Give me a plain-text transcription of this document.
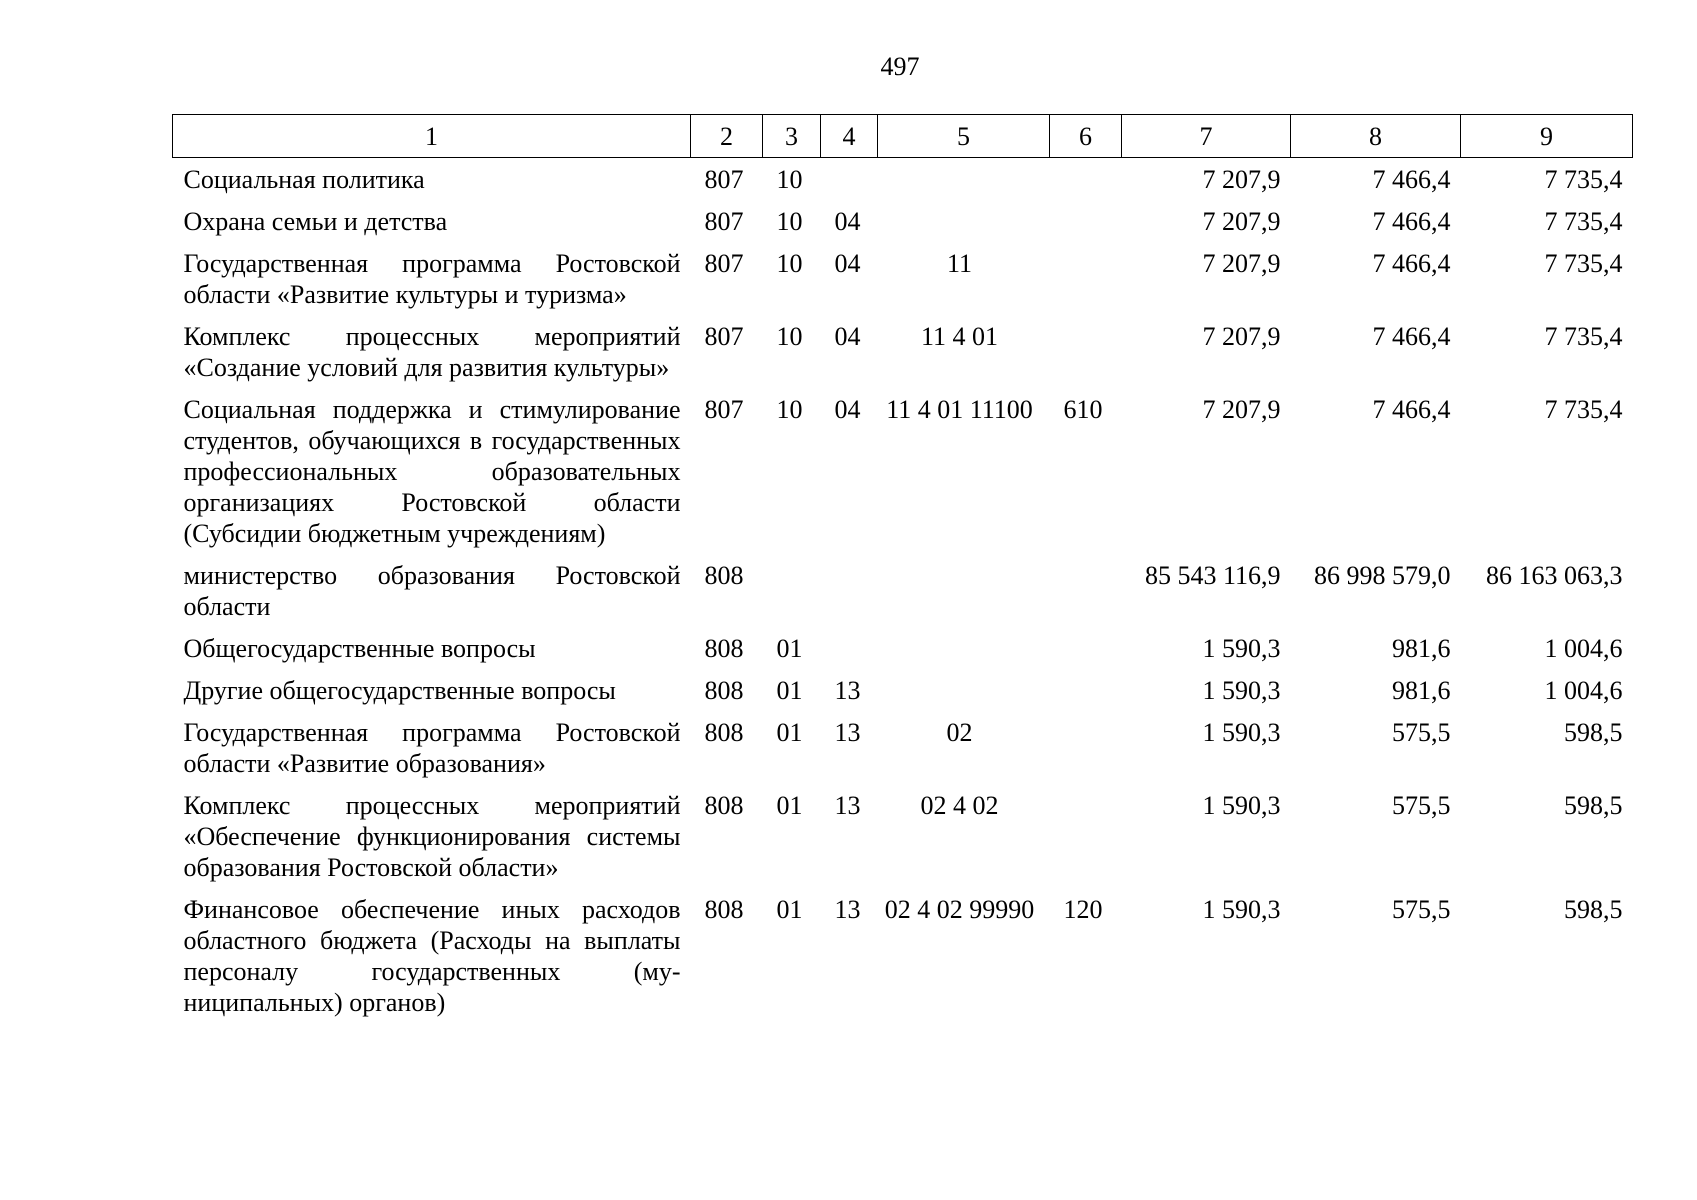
497
1	2	3	4	5	6	7	8	9
Социальная политика	807	10				7 207,9	7 466,4	7 735,4
Охрана семьи и детства	807	10	04			7 207,9	7 466,4	7 735,4
Государственная программа Ростовской области «Развитие культуры и туризма»	807	10	04	11		7 207,9	7 466,4	7 735,4
Комплекс процессных мероприятий «Создание условий для развития культуры»	807	10	04	11 4 01		7 207,9	7 466,4	7 735,4
Социальная поддержка и стимулирование студентов, обучающихся в государственных профессиональных образовательных организациях Ростовской области (Субсидии бюджетным учреждениям)	807	10	04	11 4 01 11100	610	7 207,9	7 466,4	7 735,4
министерство образования Ростовской области	808					85 543 116,9	86 998 579,0	86 163 063,3
Общегосударственные вопросы	808	01				1 590,3	981,6	1 004,6
Другие общегосударственные вопросы	808	01	13			1 590,3	981,6	1 004,6
Государственная программа Ростовской области «Развитие образования»	808	01	13	02		1 590,3	575,5	598,5
Комплекс процессных мероприятий «Обеспечение функционирования системы образования Ростовской области»	808	01	13	02 4 02		1 590,3	575,5	598,5
Финансовое обеспечение иных расходов областного бюджета (Расходы на выплаты персоналу государственных (муниципальных) органов)	808	01	13	02 4 02 99990	120	1 590,3	575,5	598,5
